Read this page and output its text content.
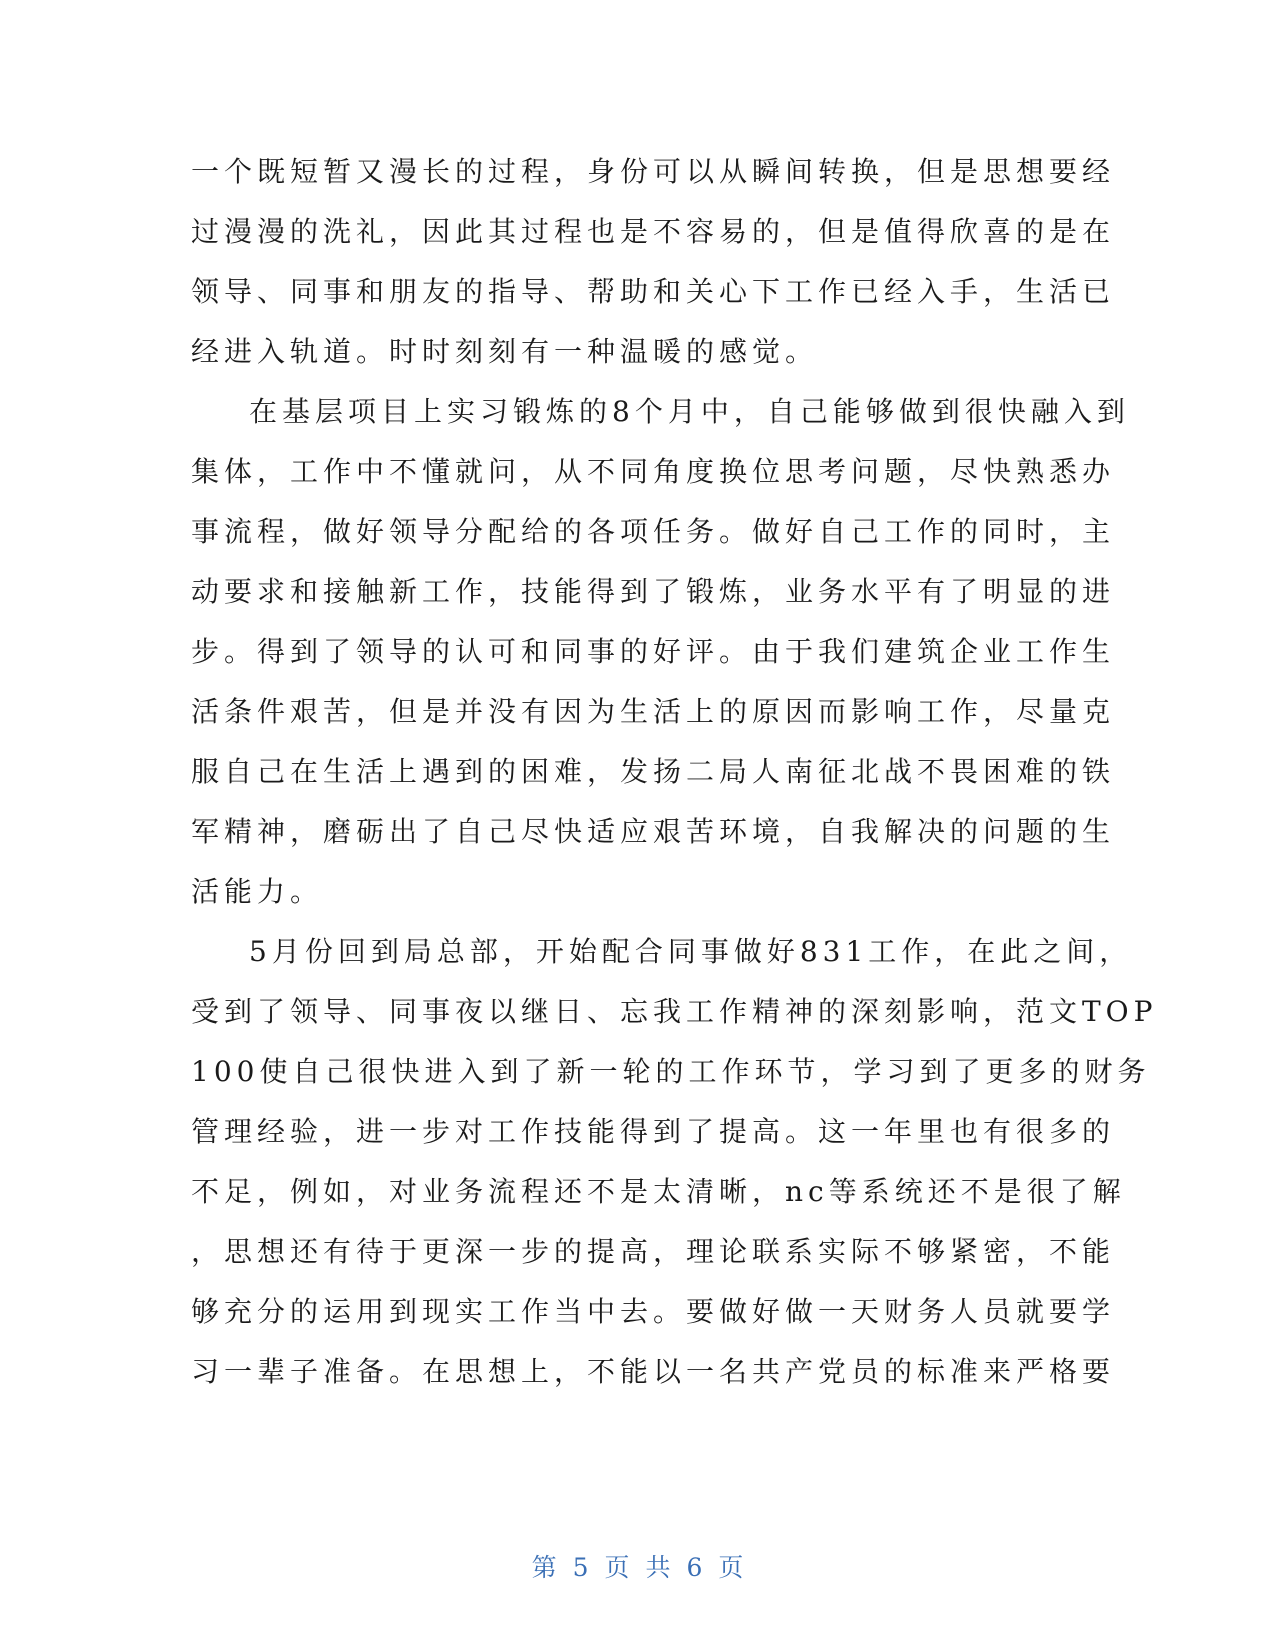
一个既短暂又漫长的过程，身份可以从瞬间转换，但是思想要经
过漫漫的洗礼，因此其过程也是不容易的，但是值得欣喜的是在
领导、同事和朋友的指导、帮助和关心下工作已经入手，生活已
经进入轨道。时时刻刻有一种温暖的感觉。
在基层项目上实习锻炼的8个月中，自己能够做到很快融入到
集体，工作中不懂就问，从不同角度换位思考问题，尽快熟悉办
事流程，做好领导分配给的各项任务。做好自己工作的同时，主
动要求和接触新工作，技能得到了锻炼，业务水平有了明显的进
步。得到了领导的认可和同事的好评。由于我们建筑企业工作生
活条件艰苦，但是并没有因为生活上的原因而影响工作，尽量克
服自己在生活上遇到的困难，发扬二局人南征北战不畏困难的铁
军精神，磨砺出了自己尽快适应艰苦环境，自我解决的问题的生
活能力。
5月份回到局总部，开始配合同事做好831工作，在此之间，
受到了领导、同事夜以继日、忘我工作精神的深刻影响，范文TOP
100使自己很快进入到了新一轮的工作环节，学习到了更多的财务
管理经验，进一步对工作技能得到了提高。这一年里也有很多的
不足，例如，对业务流程还不是太清晰，nc等系统还不是很了解
，思想还有待于更深一步的提高，理论联系实际不够紧密，不能
够充分的运用到现实工作当中去。要做好做一天财务人员就要学
习一辈子准备。在思想上，不能以一名共产党员的标准来严格要
第 5 页 共 6 页
